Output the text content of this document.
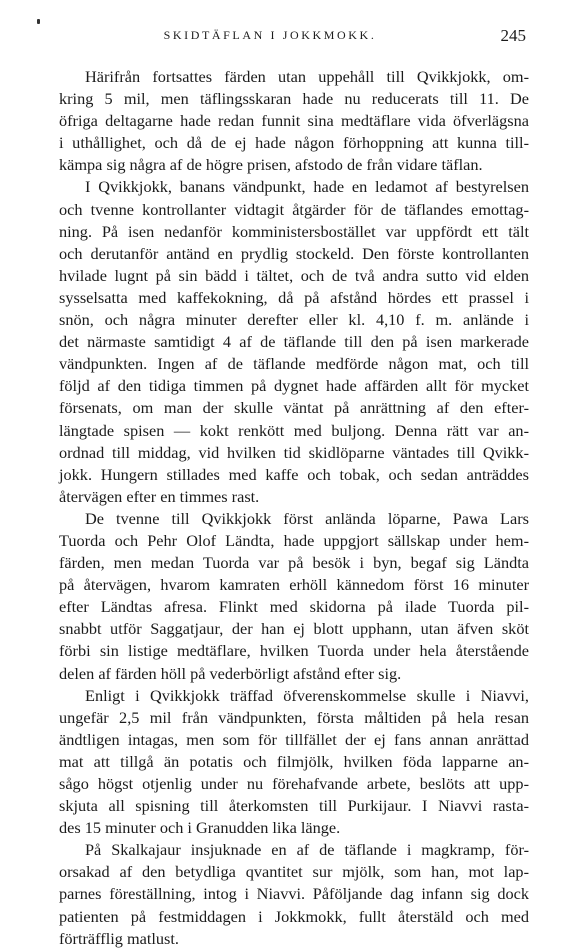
SKIDTÄFLAN I JOKKMOKK.	245
Härifrån fortsattes färden utan uppehåll till Qvikkjokk, om-
kring 5 mil, men täflingsskaran hade nu reducerats till 11. De
öfriga deltagarne hade redan funnit sina medtäflare vida öfverlägsna
i uthållighet, och då de ej hade någon förhoppning att kunna till-
kämpa sig några af de högre prisen, afstodo de från vidare täflan.
I Qvikkjokk, banans vändpunkt, hade en ledamot af bestyrelsen
och tvenne kontrollanter vidtagit åtgärder för de täflandes emottag-
ning. På isen nedanför komministersbostället var uppfördt ett tält
och derutanför antänd en prydlig stockeld. Den förste kontrollanten
hvilade lugnt på sin bädd i tältet, och de två andra sutto vid elden
sysselsatta med kaffekokning, då på afstånd hördes ett prassel i
snön, och några minuter derefter eller kl. 4,10 f. m. anlände i
det närmaste samtidigt 4 af de täflande till den på isen markerade
vändpunkten. Ingen af de täflande medförde någon mat, och till
följd af den tidiga timmen på dygnet hade affärden allt för mycket
försenats, om man der skulle väntat på anrättning af den efter-
längtade spisen — kokt renkött med buljong. Denna rätt var an-
ordnad till middag, vid hvilken tid skidlöparne väntades till Qvikk-
jokk. Hungern stillades med kaffe och tobak, och sedan anträddes
återvägen efter en timmes rast.
De tvenne till Qvikkjokk först anlända löparne, Pawa Lars
Tuorda och Pehr Olof Ländta, hade uppgjort sällskap under hem-
färden, men medan Tuorda var på besök i byn, begaf sig Ländta
på återvägen, hvarom kamraten erhöll kännedom först 16 minuter
efter Ländtas afresa. Flinkt med skidorna på ilade Tuorda pil-
snabbt utför Saggatjaur, der han ej blott upphann, utan äfven sköt
förbi sin listige medtäflare, hvilken Tuorda under hela återstående
delen af färden höll på vederbörligt afstånd efter sig.
Enligt i Qvikkjokk träffad öfverenskommelse skulle i Niavvi,
ungefär 2,5 mil från vändpunkten, första måltiden på hela resan
ändtligen intagas, men som för tillfället der ej fans annan anrättad
mat att tillgå än potatis och filmjölk, hvilken föda lapparne an-
sågo högst otjenlig under nu förehafvande arbete, beslöts att upp-
skjuta all spisning till återkomsten till Purkijaur. I Niavvi rasta-
des 15 minuter och i Granudden lika länge.
På Skalkajaur insjuknade en af de täflande i magkramp, för-
orsakad af den betydliga qvantitet sur mjölk, som han, mot lap-
parnes föreställning, intog i Niavvi. Påföljande dag infann sig dock
patienten på festmiddagen i Jokkmokk, fullt återstäld och med
förträfflig matlust.
